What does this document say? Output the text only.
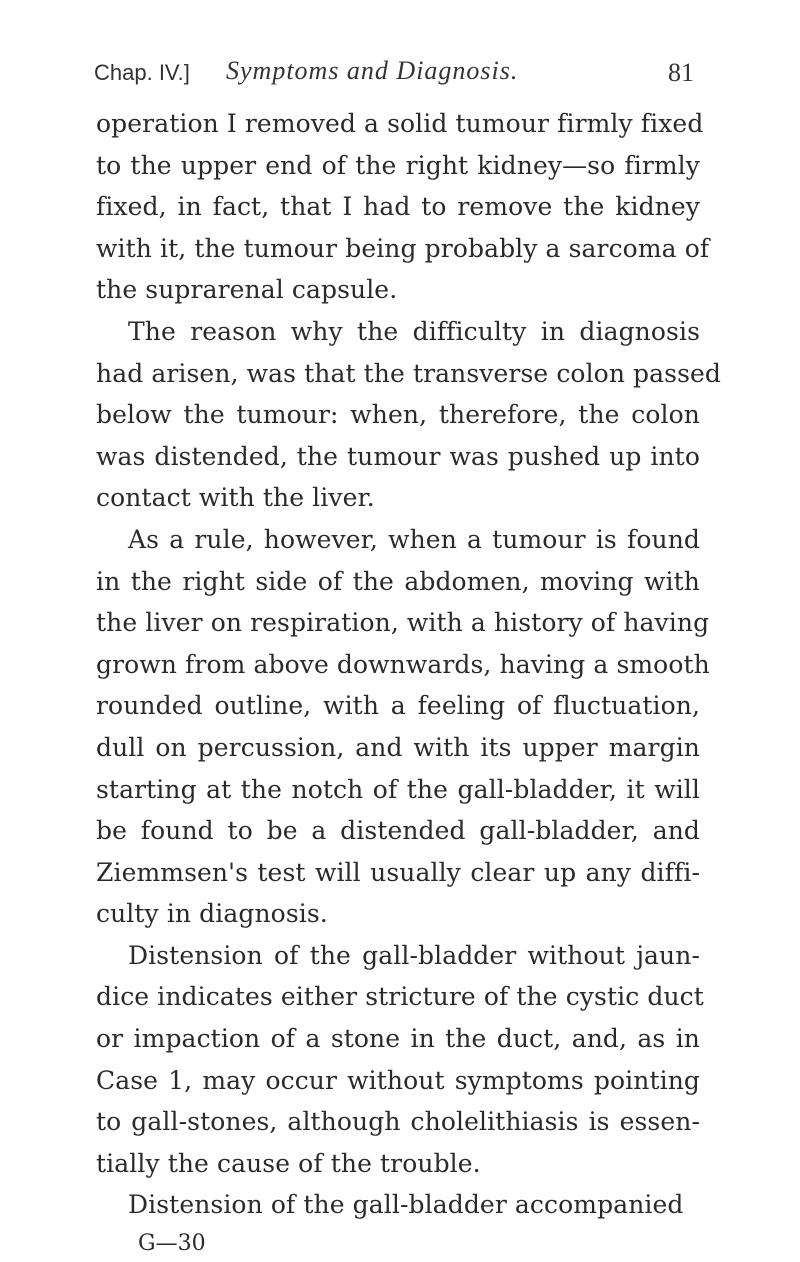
Chap. IV.] Symptoms and Diagnosis.	81
operation I removed a solid tumour firmly fixed
to the upper end of the right kidney—so firmly
fixed, in fact, that I had to remove the kidney
with it, the tumour being probably a sarcoma of
the suprarenal capsule.
The reason why the difficulty in diagnosis
had arisen, was that the transverse colon passed
below the tumour: when, therefore, the colon
was distended, the tumour was pushed up into
contact with the liver.
As a rule, however, when a tumour is found
in the right side of the abdomen, moving with
the liver on respiration, with a history of having
grown from above downwards, having a smooth
rounded outline, with a feeling of fluctuation,
dull on percussion, and with its upper margin
starting at the notch of the gall-bladder, it will
be found to be a distended gall-bladder, and
Ziemmsen's test will usually clear up any diffi-
culty in diagnosis.
Distension of the gall-bladder without jaun-
dice indicates either stricture of the cystic duct
or impaction of a stone in the duct, and, as in
Case 1, may occur without symptoms pointing
to gall-stones, although cholelithiasis is essen-
tially the cause of the trouble.
Distension of the gall-bladder accompanied
G—30
